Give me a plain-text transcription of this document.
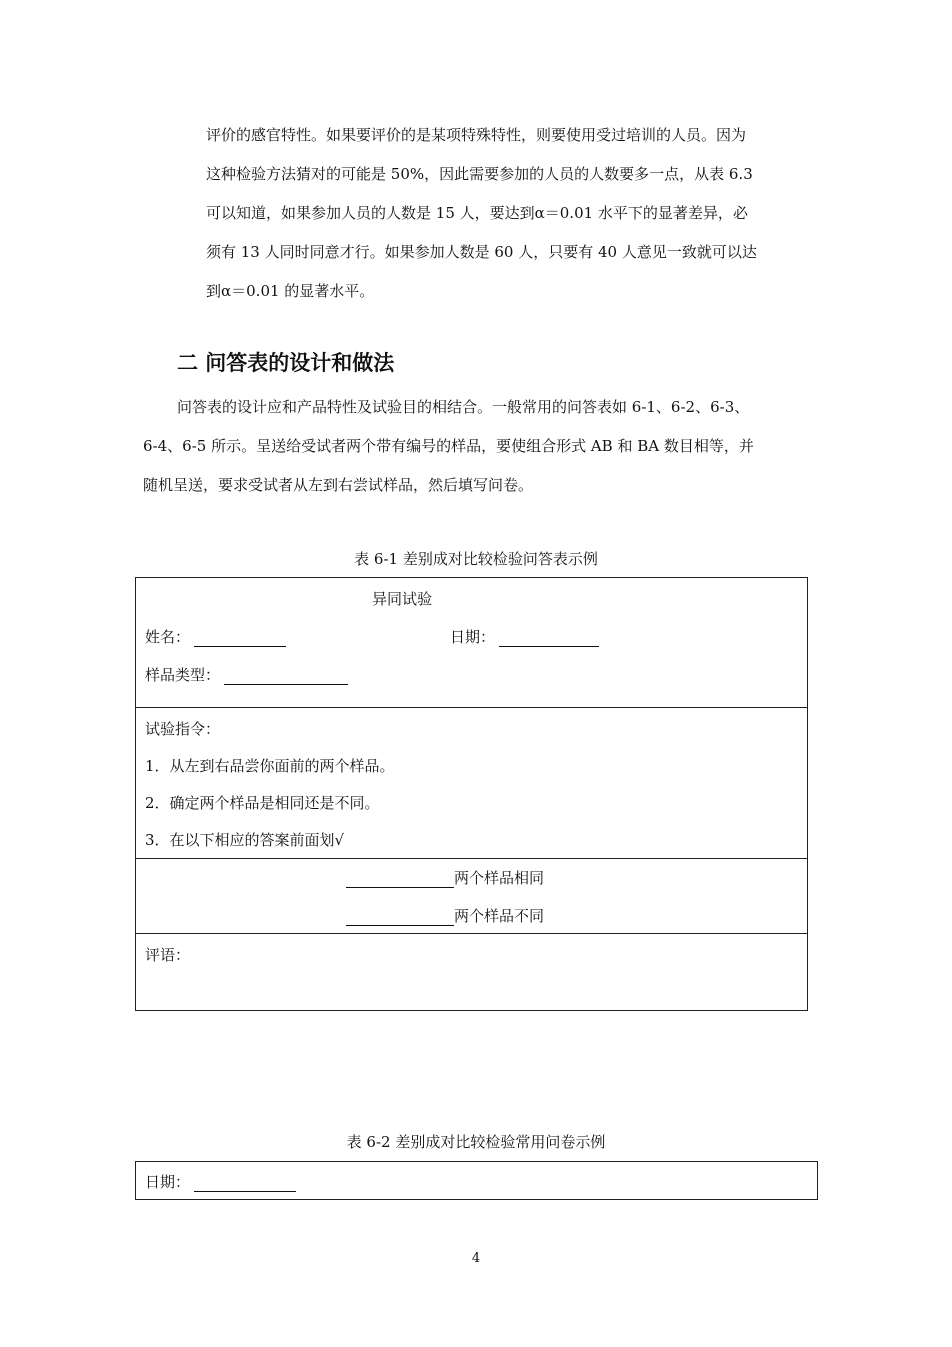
评价的感官特性。如果要评价的是某项特殊特性，则要使用受过培训的人员。因为
这种检验方法猜对的可能是 50%，因此需要参加的人员的人数要多一点，从表 6.3
可以知道，如果参加人员的人数是 15 人，要达到α＝0.01 水平下的显著差异，必
须有 13 人同时同意才行。如果参加人数是 60 人，只要有 40 人意见一致就可以达
到α＝0.01 的显著水平。
二 问答表的设计和做法
问答表的设计应和产品特性及试验目的相结合。一般常用的问答表如 6-1、6-2、6-3、
6-4、6-5 所示。呈送给受试者两个带有编号的样品，要使组合形式 AB 和 BA 数目相等，并
随机呈送，要求受试者从左到右尝试样品，然后填写问卷。
表 6-1 差别成对比较检验问答表示例
异同试验
姓名：	日期：
样品类型：
试验指令：
1．从左到右品尝你面前的两个样品。
2．确定两个样品是相同还是不同。
3．在以下相应的答案前面划√
两个样品相同
两个样品不同
评语：
表 6-2 差别成对比较检验常用问卷示例
日期：
4
